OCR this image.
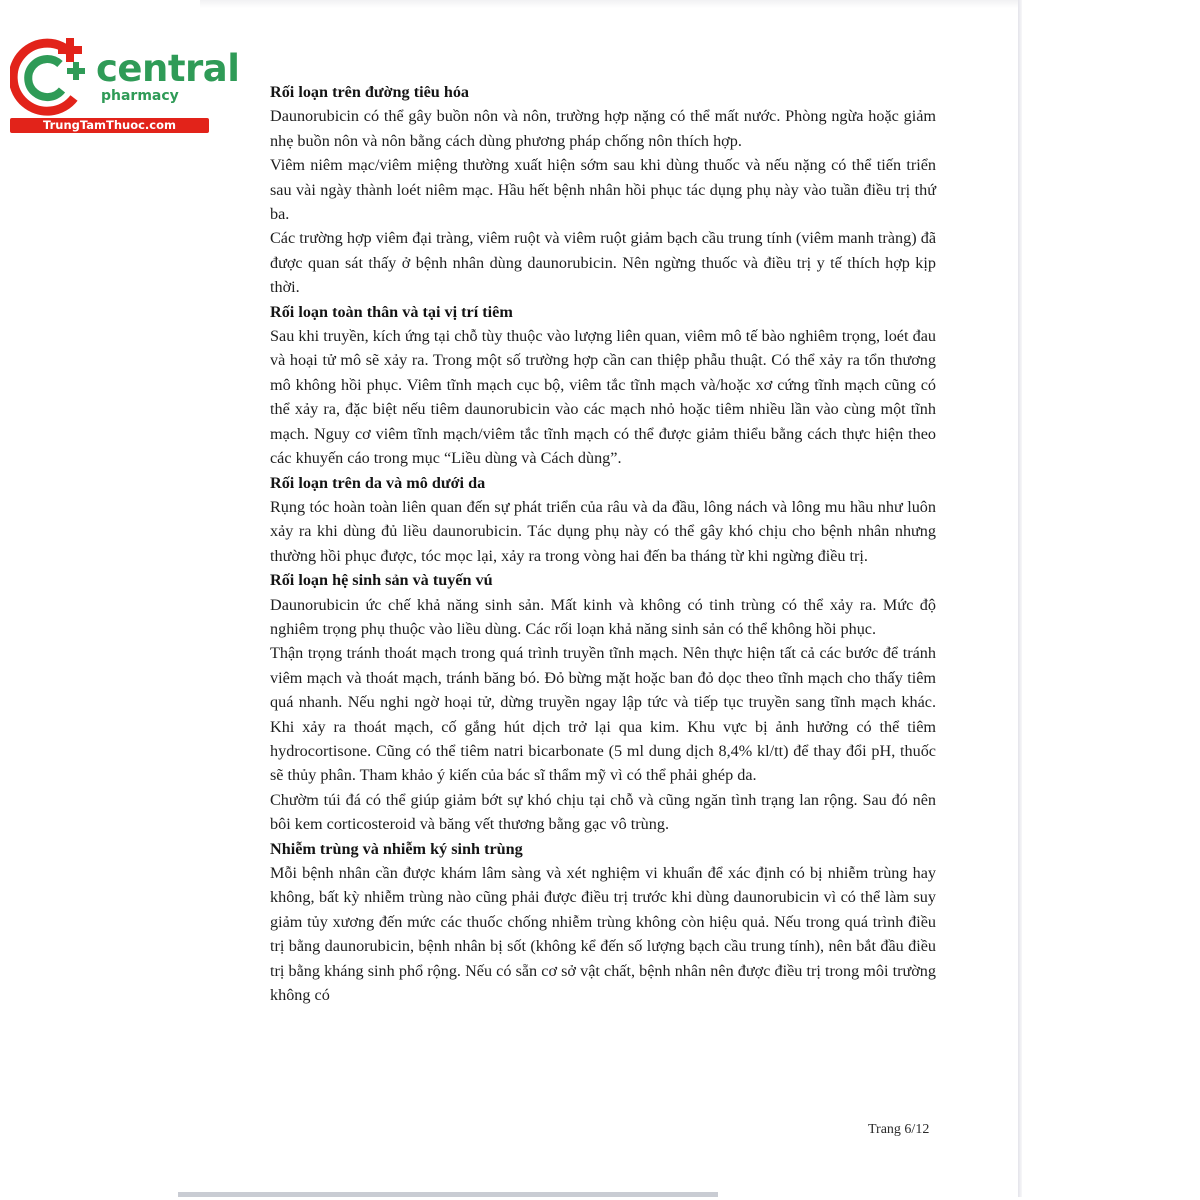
central
pharmacy
TrungTamThuoc.com
Rối loạn trên đường tiêu hóa

Daunorubicin có thể gây buồn nôn và nôn, trường hợp nặng có thể mất nước. Phòng ngừa hoặc giảm nhẹ buồn nôn và nôn bằng cách dùng phương pháp chống nôn thích hợp.

Viêm niêm mạc/viêm miệng thường xuất hiện sớm sau khi dùng thuốc và nếu nặng có thể tiến triển sau vài ngày thành loét niêm mạc. Hầu hết bệnh nhân hồi phục tác dụng phụ này vào tuần điều trị thứ ba.

Các trường hợp viêm đại tràng, viêm ruột và viêm ruột giảm bạch cầu trung tính (viêm manh tràng) đã được quan sát thấy ở bệnh nhân dùng daunorubicin. Nên ngừng thuốc và điều trị y tế thích hợp kịp thời.

Rối loạn toàn thân và tại vị trí tiêm

Sau khi truyền, kích ứng tại chỗ tùy thuộc vào lượng liên quan, viêm mô tế bào nghiêm trọng, loét đau và hoại tử mô sẽ xảy ra. Trong một số trường hợp cần can thiệp phẫu thuật. Có thể xảy ra tổn thương mô không hồi phục. Viêm tĩnh mạch cục bộ, viêm tắc tĩnh mạch và/hoặc xơ cứng tĩnh mạch cũng có thể xảy ra, đặc biệt nếu tiêm daunorubicin vào các mạch nhỏ hoặc tiêm nhiều lần vào cùng một tĩnh mạch. Nguy cơ viêm tĩnh mạch/viêm tắc tĩnh mạch có thể được giảm thiểu bằng cách thực hiện theo các khuyến cáo trong mục “Liều dùng và Cách dùng”.

Rối loạn trên da và mô dưới da

Rụng tóc hoàn toàn liên quan đến sự phát triển của râu và da đầu, lông nách và lông mu hầu như luôn xảy ra khi dùng đủ liều daunorubicin. Tác dụng phụ này có thể gây khó chịu cho bệnh nhân nhưng thường hồi phục được, tóc mọc lại, xảy ra trong vòng hai đến ba tháng từ khi ngừng điều trị.

Rối loạn hệ sinh sản và tuyến vú

Daunorubicin ức chế khả năng sinh sản. Mất kinh và không có tinh trùng có thể xảy ra. Mức độ nghiêm trọng phụ thuộc vào liều dùng. Các rối loạn khả năng sinh sản có thể không hồi phục.

Thận trọng tránh thoát mạch trong quá trình truyền tĩnh mạch. Nên thực hiện tất cả các bước để tránh viêm mạch và thoát mạch, tránh băng bó. Đỏ bừng mặt hoặc ban đỏ dọc theo tĩnh mạch cho thấy tiêm quá nhanh. Nếu nghi ngờ hoại tử, dừng truyền ngay lập tức và tiếp tục truyền sang tĩnh mạch khác. Khi xảy ra thoát mạch, cố gắng hút dịch trở lại qua kim. Khu vực bị ảnh hưởng có thể tiêm hydrocortisone. Cũng có thể tiêm natri bicarbonate (5 ml dung dịch 8,4% kl/tt) để thay đổi pH, thuốc sẽ thủy phân. Tham khảo ý kiến của bác sĩ thẩm mỹ vì có thể phải ghép da.

Chườm túi đá có thể giúp giảm bớt sự khó chịu tại chỗ và cũng ngăn tình trạng lan rộng. Sau đó nên bôi kem corticosteroid và băng vết thương bằng gạc vô trùng.

Nhiễm trùng và nhiễm ký sinh trùng

Mỗi bệnh nhân cần được khám lâm sàng và xét nghiệm vi khuẩn để xác định có bị nhiễm trùng hay không, bất kỳ nhiễm trùng nào cũng phải được điều trị trước khi dùng daunorubicin vì có thể làm suy giảm tủy xương đến mức các thuốc chống nhiễm trùng không còn hiệu quả. Nếu trong quá trình điều trị bằng daunorubicin, bệnh nhân bị sốt (không kể đến số lượng bạch cầu trung tính), nên bắt đầu điều trị bằng kháng sinh phổ rộng. Nếu có sẵn cơ sở vật chất, bệnh nhân nên được điều trị trong môi trường không có

Trang 6/12
